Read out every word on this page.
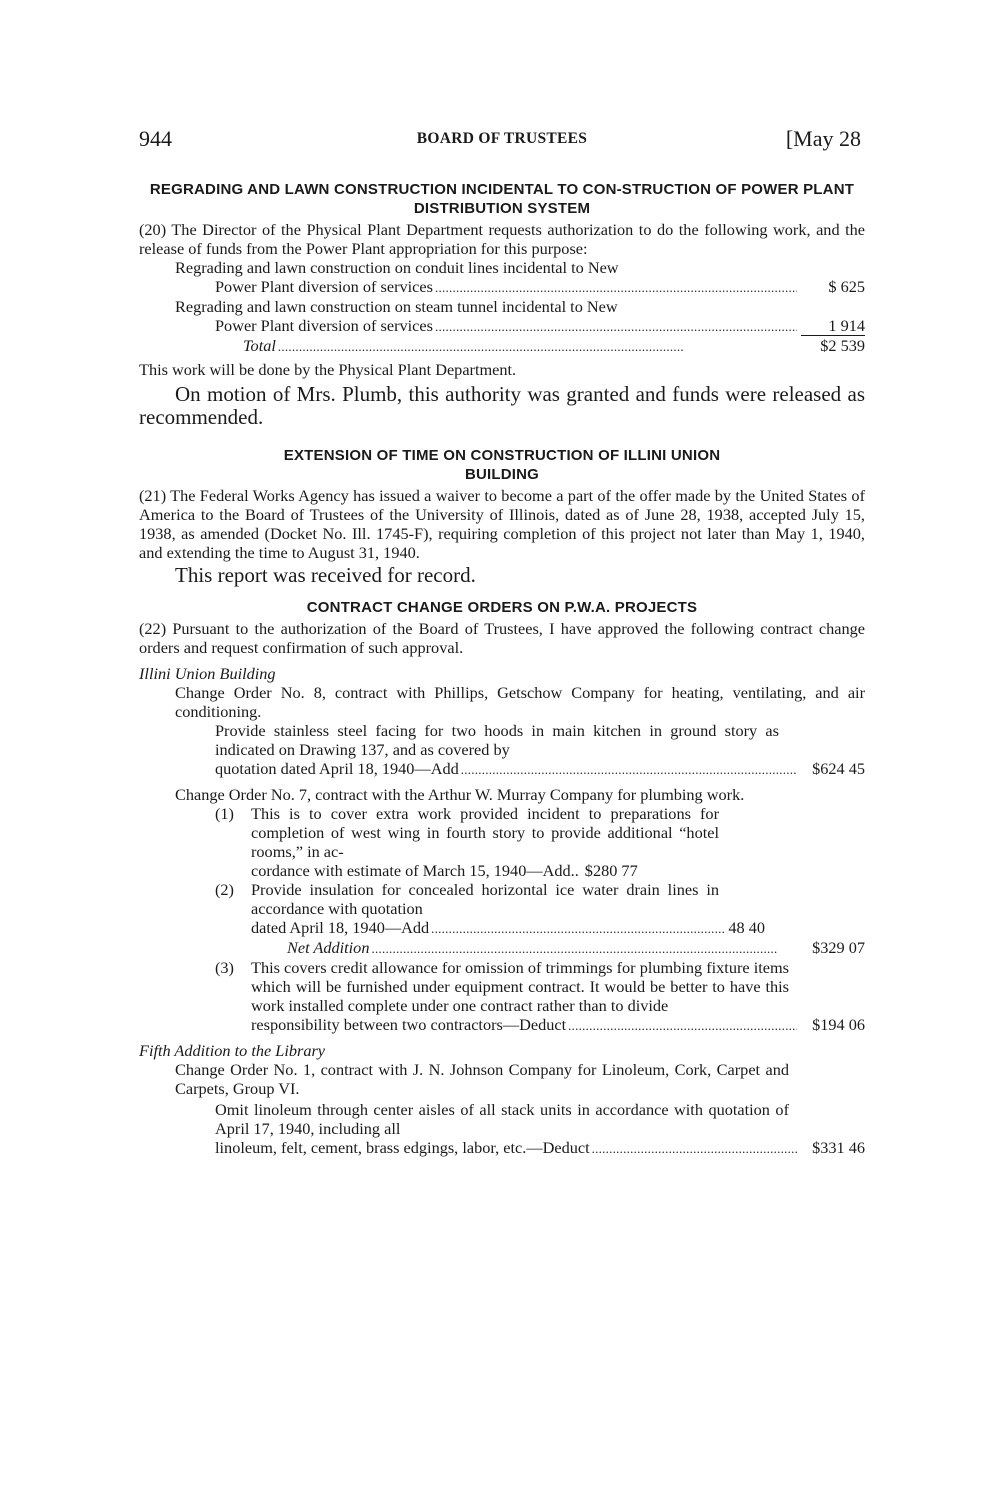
944	BOARD OF TRUSTEES	[May 28
REGRADING AND LAWN CONSTRUCTION INCIDENTAL TO CON-STRUCTION OF POWER PLANT DISTRIBUTION SYSTEM

(20) The Director of the Physical Plant Department requests authorization to do the following work, and the release of funds from the Power Plant appropriation for this purpose:

Regrading and lawn construction on conduit lines incidental to New
Power Plant diversion of services . . .	$ 625
Regrading and lawn construction on steam tunnel incidental to New
Power Plant diversion of services . . .	1 914
Total . . .	$2 539

This work will be done by the Physical Plant Department.

On motion of Mrs. Plumb, this authority was granted and funds were released as recommended.

EXTENSION OF TIME ON CONSTRUCTION OF ILLINI UNION BUILDING

(21) The Federal Works Agency has issued a waiver to become a part of the offer made by the United States of America to the Board of Trustees of the University of Illinois, dated as of June 28, 1938, accepted July 15, 1938, as amended (Docket No. Ill. 1745-F), requiring completion of this project not later than May 1, 1940, and extending the time to August 31, 1940.

This report was received for record.

CONTRACT CHANGE ORDERS ON P.W.A. PROJECTS

(22) Pursuant to the authorization of the Board of Trustees, I have approved the following contract change orders and request confirmation of such approval.

Illini Union Building

Change Order No. 8, contract with Phillips, Getschow Company for heating, ventilating, and air conditioning.

Provide stainless steel facing for two hoods in main kitchen in ground story as indicated on Drawing 137, and as covered by

quotation dated April 18, 1940—Add . . .	$624 45

Change Order No. 7, contract with the Arthur W. Murray Company for plumbing work.

(1)	This is to cover extra work provided incident to preparations for completion of west wing in fourth story to provide additional “hotel rooms,” in ac-
cordance with estimate of March 15, 1940—Add.. $280 77
(2)	Provide insulation for concealed horizontal ice water drain lines in accordance with quotation
dated April 18, 1940—Add . . .	48 40
Net Addition . . .	$329 07
(3)	This covers credit allowance for omission of trimmings for plumbing fixture items which will be furnished under equipment contract. It would be better to have this work installed complete under one contract rather than to divide
responsibility between two contractors—Deduct . . .	$194 06
Fifth Addition to the Library

Change Order No. 1, contract with J. N. Johnson Company for Linoleum, Cork, Carpet and Carpets, Group VI.

Omit linoleum through center aisles of all stack units in accordance with quotation of April 17, 1940, including all

linoleum, felt, cement, brass edgings, labor, etc.—Deduct . . .	$331 46
